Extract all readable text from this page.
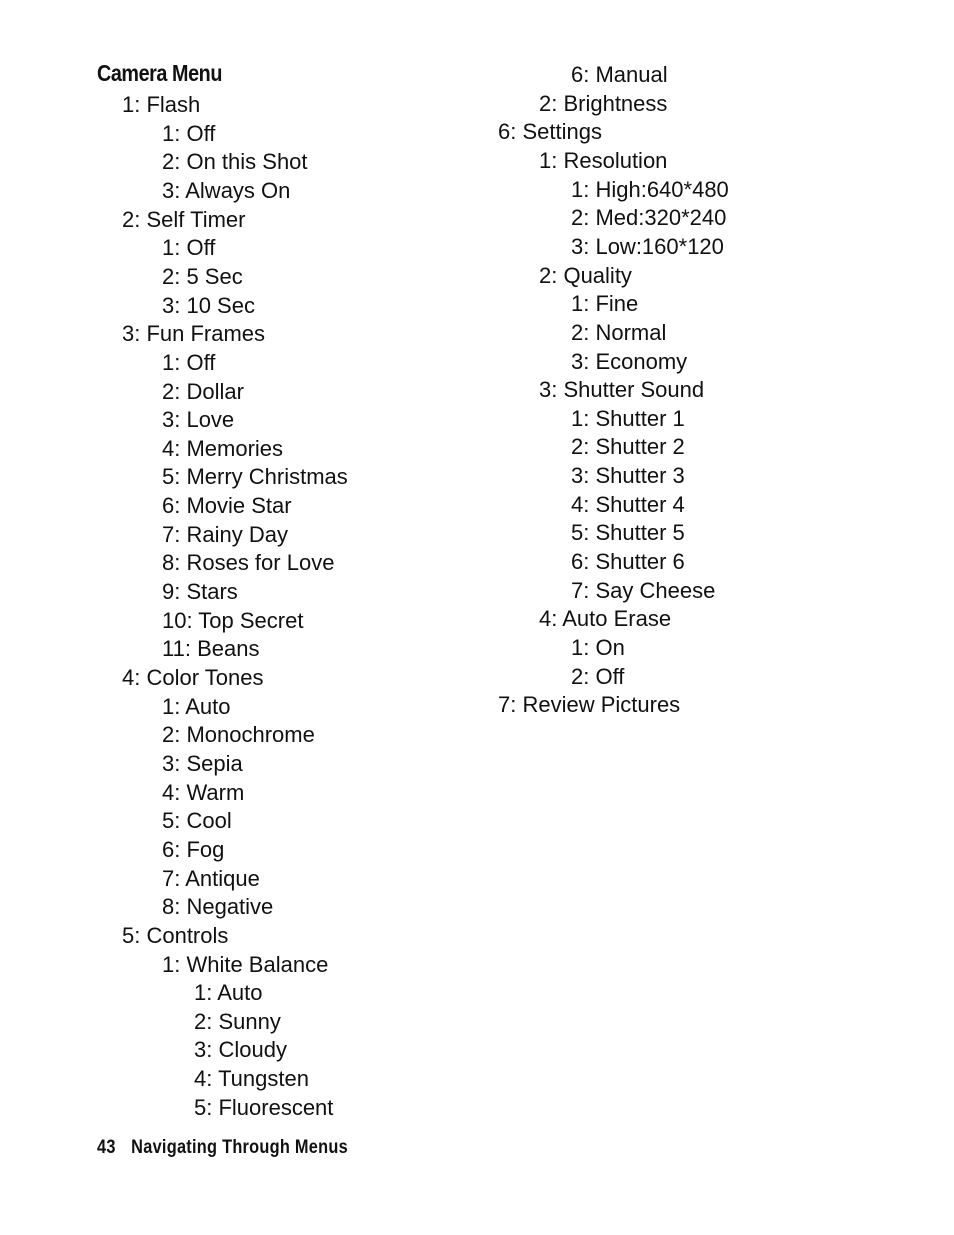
Camera Menu
1: Flash
1: Off
2: On this Shot
3: Always On
2: Self Timer
1: Off
2: 5 Sec
3: 10 Sec
3: Fun Frames
1: Off
2: Dollar
3: Love
4: Memories
5: Merry Christmas
6: Movie Star
7: Rainy Day
8: Roses for Love
9: Stars
10: Top Secret
11: Beans
4: Color Tones
1: Auto
2: Monochrome
3: Sepia
4: Warm
5: Cool
6: Fog
7: Antique
8: Negative
5: Controls
1: White Balance
1: Auto
2: Sunny
3: Cloudy
4: Tungsten
5: Fluorescent
6: Manual
2: Brightness
6: Settings
1: Resolution
1: High:640*480
2: Med:320*240
3: Low:160*120
2: Quality
1: Fine
2: Normal
3: Economy
3: Shutter Sound
1: Shutter 1
2: Shutter 2
3: Shutter 3
4: Shutter 4
5: Shutter 5
6: Shutter 6
7: Say Cheese
4: Auto Erase
1: On
2: Off
7: Review Pictures
43 Navigating Through Menus
